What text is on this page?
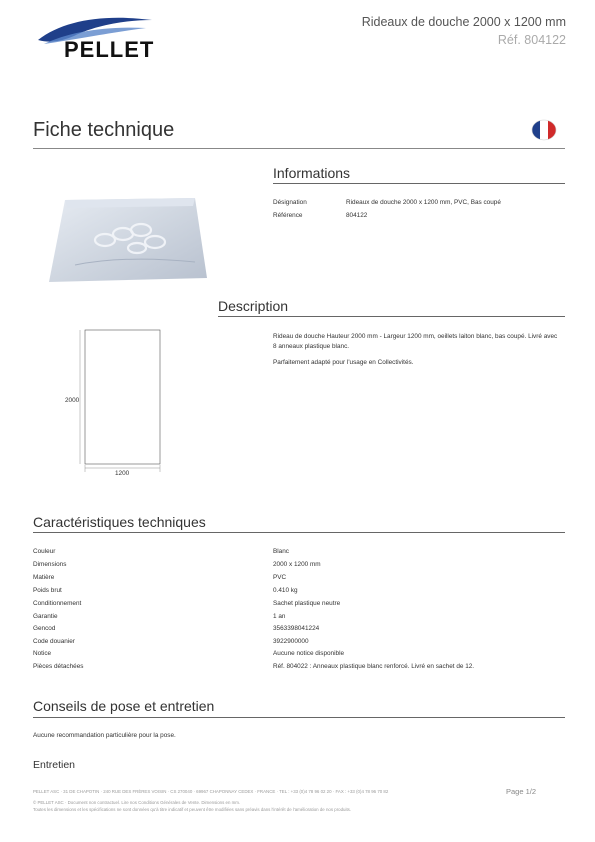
PELLET
Rideaux de douche 2000 x 1200 mm
Réf. 804122
Fiche technique
Informations
Désignation	Rideaux de douche 2000 x 1200 mm, PVC, Bas coupé
Référence	804122
Description
Rideau de douche Hauteur 2000 mm - Largeur 1200 mm, oeillets laiton blanc, bas coupé. Livré avec 8 anneaux plastique blanc.
Parfaitement adapté pour l'usage en Collectivités.
2000
1200
Caractéristiques techniques
Couleur	Blanc
Dimensions	2000 x 1200 mm
Matière	PVC
Poids brut	0.410 kg
Conditionnement	Sachet plastique neutre
Garantie	1 an
Gencod	3563398041224
Code douanier	3922900000
Notice	Aucune notice disponible
Pièces détachées	Réf. 804022 : Anneaux plastique blanc renforcé. Livré en sachet de 12.
Conseils de pose et entretien
Aucune recommandation particulière pour la pose.
Entretien
PELLET ASC · 31 DE CHAPOTIN · 240 RUE DES FRÈRES VOISIN · CS 270040 · 69967 CHAPONNAY CEDEX · FRANCE · TEL : +33 (0)4 78 96 02 20 · FAX : +33 (0)4 78 96 70 82	Page 1/2
© PELLET ASC · Document non contractuel. Lire nos Conditions Générales de Vente. Dimensions en mm.
Toutes les dimensions et les spécifications ne sont données qu'à titre indicatif et peuvent être modifiées sans préavis dans l'intérêt de l'amélioration de nos produits.
